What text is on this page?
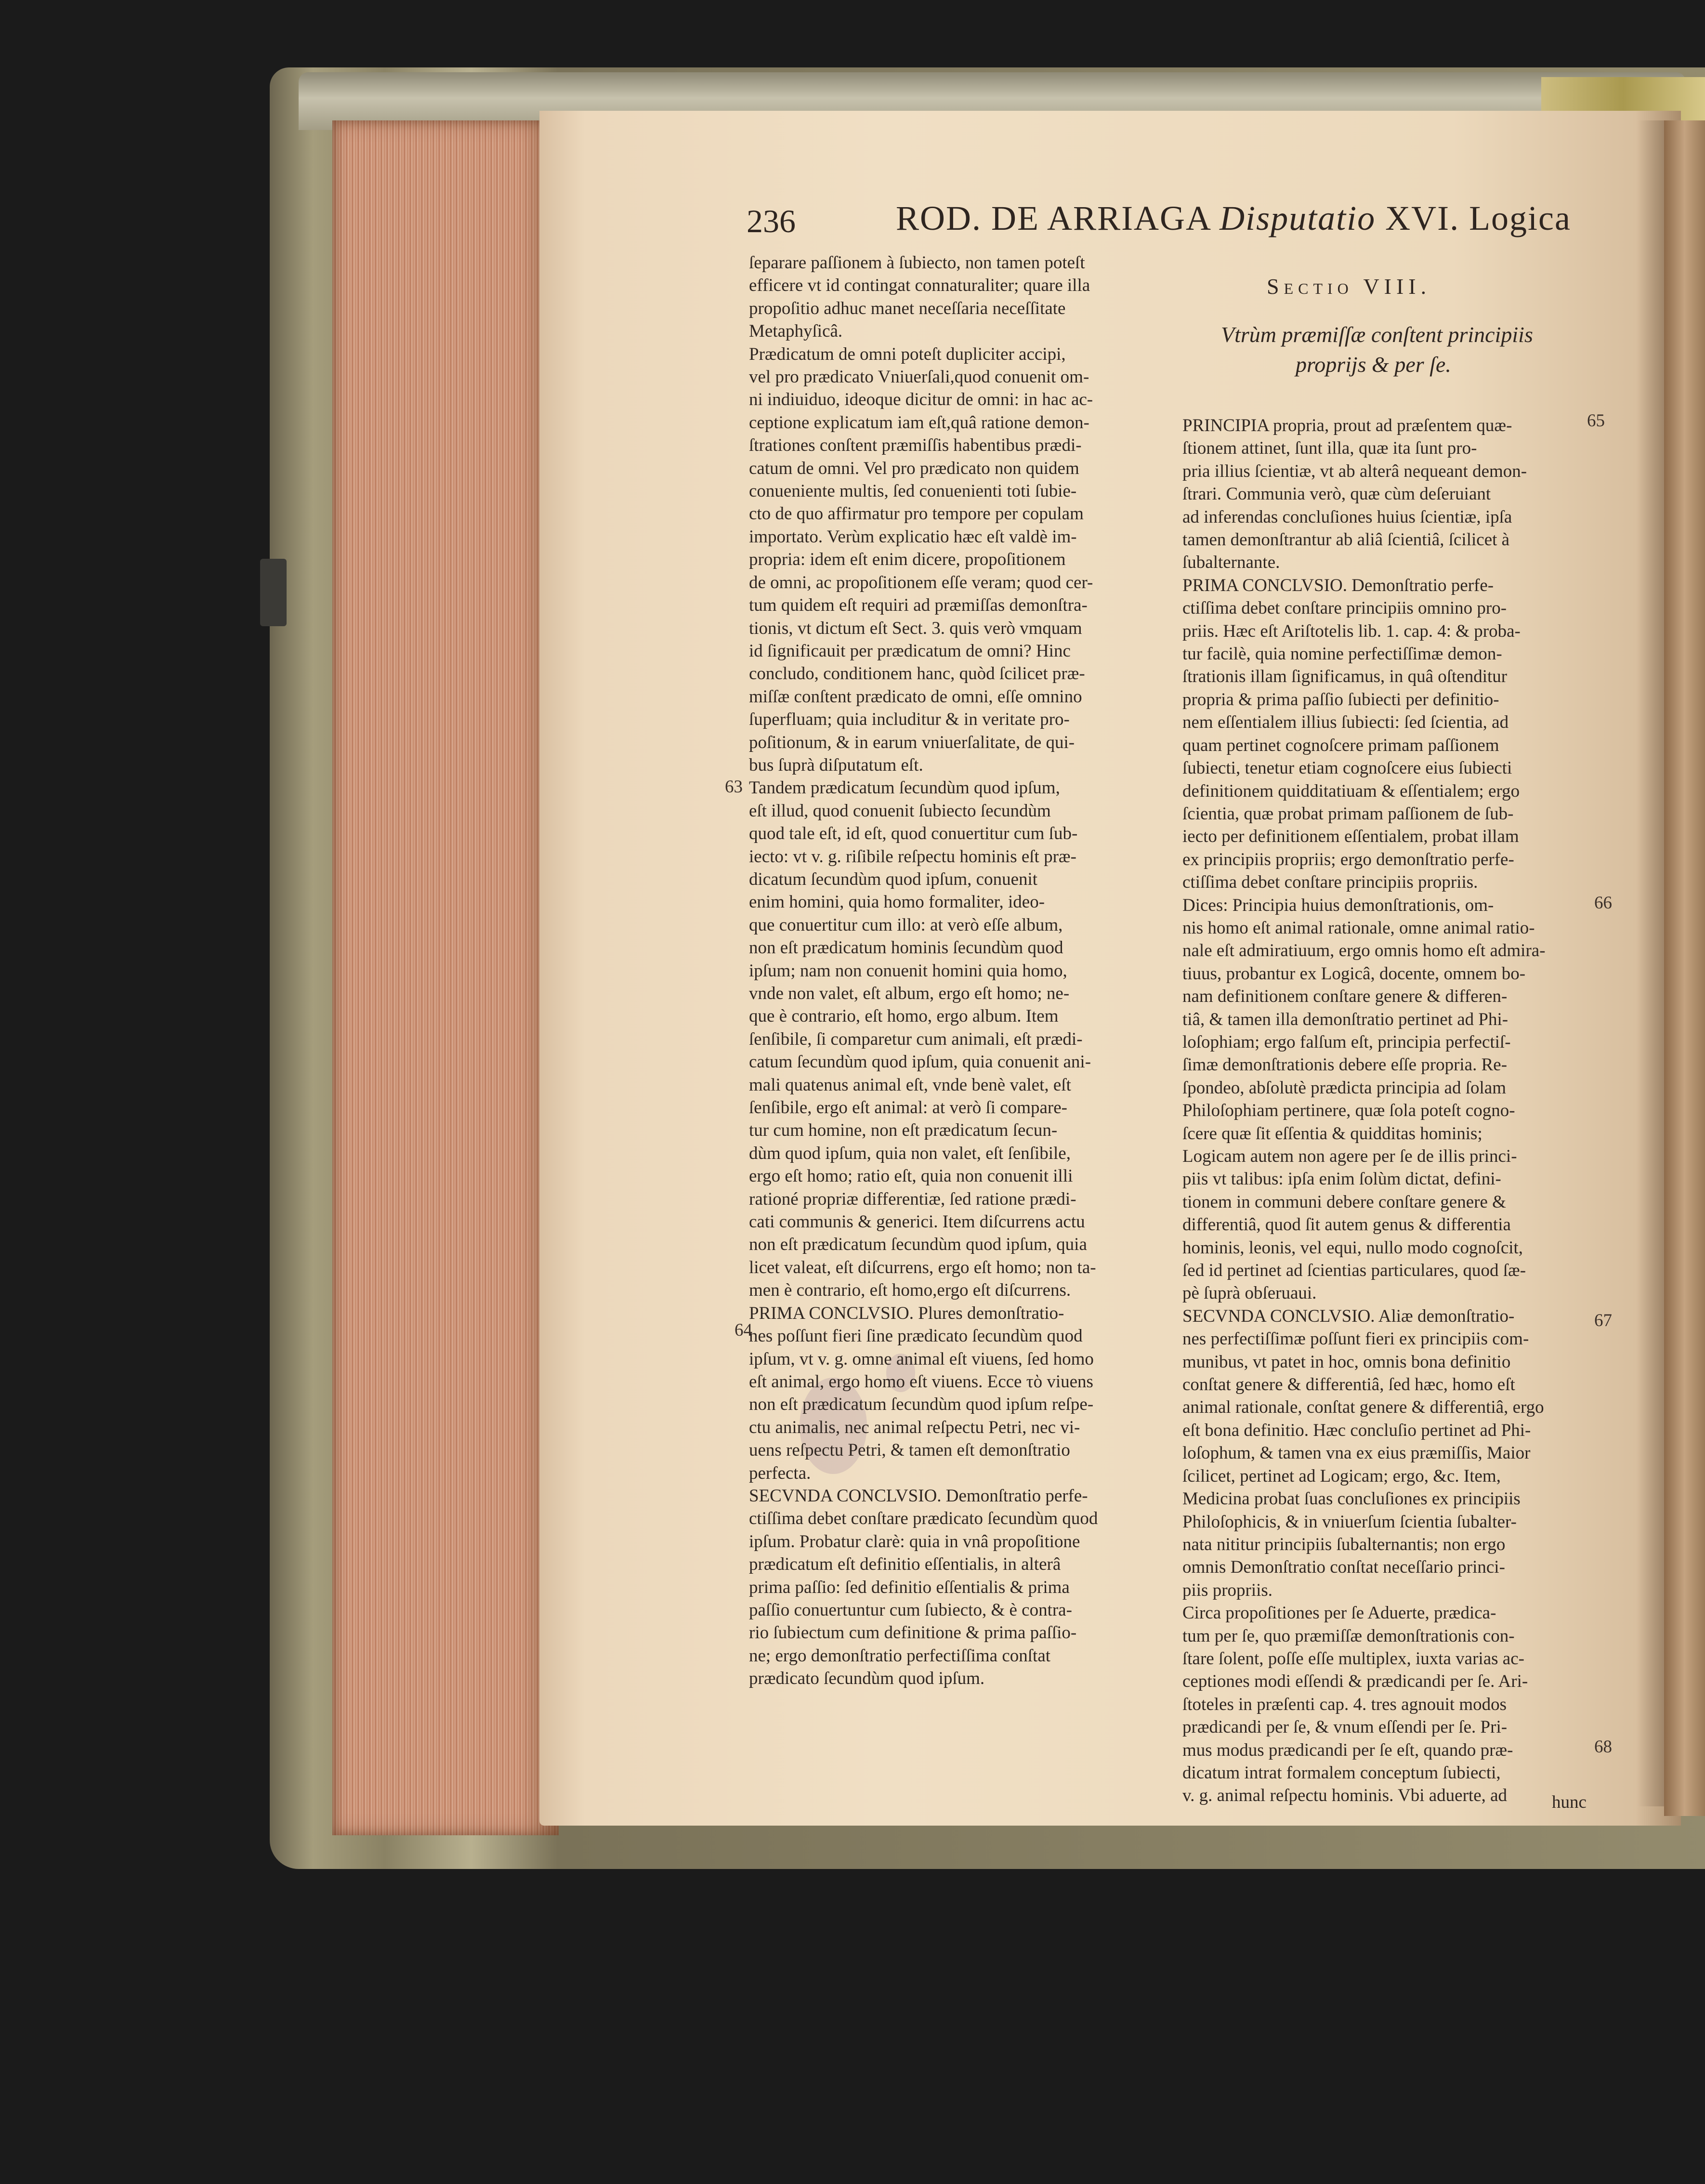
236	ROD. DE ARRIAGA Disputatio XVI. Logica

Sectio VIII.

Vtrùm præmiſſæ conſtent principiis

proprijs & per ſe.

ſeparare paſſionem à ſubiecto, non tamen poteſt
efficere vt id contingat connaturaliter; quare illa
propoſitio adhuc manet neceſſaria neceſſitate
Metaphyſicâ.
Prædicatum de omni poteſt dupliciter accipi,
vel pro prædicato Vniuerſali,quod conuenit om-
ni indiuiduo, ideoque dicitur de omni: in hac ac-
ceptione explicatum iam eſt,quâ ratione demon-
ſtrationes conſtent præmiſſis habentibus prædi-
catum de omni. Vel pro prædicato non quidem
conueniente multis, ſed conuenienti toti ſubie-
cto de quo affirmatur pro tempore per copulam
importato. Verùm explicatio hæc eſt valdè im-
propria: idem eſt enim dicere, propoſitionem
de omni, ac propoſitionem eſſe veram; quod cer-
tum quidem eſt requiri ad præmiſſas demonſtra-
tionis, vt dictum eſt Sect. 3. quis verò vmquam
id ſignificauit per prædicatum de omni? Hinc
concludo, conditionem hanc, quòd ſcilicet præ-
miſſæ conſtent prædicato de omni, eſſe omnino
ſuperfluam; quia includitur & in veritate pro-
poſitionum, & in earum vniuerſalitate, de qui-
bus ſuprà diſputatum eſt.
Tandem prædicatum ſecundùm quod ipſum,
eſt illud, quod conuenit ſubiecto ſecundùm
quod tale eſt, id eſt, quod conuertitur cum ſub-
iecto: vt v. g. riſibile reſpectu hominis eſt præ-
dicatum ſecundùm quod ipſum, conuenit
enim homini, quia homo formaliter, ideo-
que conuertitur cum illo: at verò eſſe album,
non eſt prædicatum hominis ſecundùm quod
ipſum; nam non conuenit homini quia homo,
vnde non valet, eſt album, ergo eſt homo; ne-
que è contrario, eſt homo, ergo album. Item
ſenſibile, ſi comparetur cum animali, eſt prædi-
catum ſecundùm quod ipſum, quia conuenit ani-
mali quatenus animal eſt, vnde benè valet, eſt
ſenſibile, ergo eſt animal: at verò ſi compare-
tur cum homine, non eſt prædicatum ſecun-
dùm quod ipſum, quia non valet, eſt ſenſibile,
ergo eſt homo; ratio eſt, quia non conuenit illi
rationé propriæ differentiæ, ſed ratione prædi-
cati communis & generici. Item diſcurrens actu
non eſt prædicatum ſecundùm quod ipſum, quia
licet valeat, eſt diſcurrens, ergo eſt homo; non ta-
men è contrario, eſt homo,ergo eſt diſcurrens.
PRIMA CONCLVSIO. Plures demonſtratio-
nes poſſunt fieri ſine prædicato ſecundùm quod
ipſum, vt v. g. omne animal eſt viuens, ſed homo
eſt animal, ergo homo eſt viuens. Ecce τὸ viuens
non eſt prædicatum ſecundùm quod ipſum reſpe-
ctu animalis, nec animal reſpectu Petri, nec vi-
uens reſpectu Petri, & tamen eſt demonſtratio
perfecta.
SECVNDA CONCLVSIO. Demonſtratio perfe-
ctiſſima debet conſtare prædicato ſecundùm quod
ipſum. Probatur clarè: quia in vnâ propoſitione
prædicatum eſt definitio eſſentialis, in alterâ
prima paſſio: ſed definitio eſſentialis & prima
paſſio conuertuntur cum ſubiecto, & è contra-
rio ſubiectum cum definitione & prima paſſio-
ne; ergo demonſtratio perfectiſſima conſtat
prædicato ſecundùm quod ipſum.
PRINCIPIA propria, prout ad præſentem quæ-
ſtionem attinet, ſunt illa, quæ ita ſunt pro-
pria illius ſcientiæ, vt ab alterâ nequeant demon-
ſtrari. Communia verò, quæ cùm deſeruiant
ad inferendas concluſiones huius ſcientiæ, ipſa
tamen demonſtrantur ab aliâ ſcientiâ, ſcilicet à
ſubalternante.
PRIMA CONCLVSIO. Demonſtratio perfe-
ctiſſima debet conſtare principiis omnino pro-
priis. Hæc eſt Ariſtotelis lib. 1. cap. 4: & proba-
tur facilè, quia nomine perfectiſſimæ demon-
ſtrationis illam ſignificamus, in quâ oſtenditur
propria & prima paſſio ſubiecti per definitio-
nem eſſentialem illius ſubiecti: ſed ſcientia, ad
quam pertinet cognoſcere primam paſſionem
ſubiecti, tenetur etiam cognoſcere eius ſubiecti
definitionem quidditatiuam & eſſentialem; ergo
ſcientia, quæ probat primam paſſionem de ſub-
iecto per definitionem eſſentialem, probat illam
ex principiis propriis; ergo demonſtratio perfe-
ctiſſima debet conſtare principiis propriis.
Dices: Principia huius demonſtrationis, om-
nis homo eſt animal rationale, omne animal ratio-
nale eſt admiratiuum, ergo omnis homo eſt admira-
tiuus, probantur ex Logicâ, docente, omnem bo-
nam definitionem conſtare genere & differen-
tiâ, & tamen illa demonſtratio pertinet ad Phi-
loſophiam; ergo falſum eſt, principia perfectiſ-
ſimæ demonſtrationis debere eſſe propria. Re-
ſpondeo, abſolutè prædicta principia ad ſolam
Philoſophiam pertinere, quæ ſola poteſt cogno-
ſcere quæ ſit eſſentia & quidditas hominis;
Logicam autem non agere per ſe de illis princi-
piis vt talibus: ipſa enim ſolùm dictat, defini-
tionem in communi debere conſtare genere &
differentiâ, quod ſit autem genus & differentia
hominis, leonis, vel equi, nullo modo cognoſcit,
ſed id pertinet ad ſcientias particulares, quod ſæ-
pè ſuprà obſeruaui.
SECVNDA CONCLVSIO. Aliæ demonſtratio-
nes perfectiſſimæ poſſunt fieri ex principiis com-
munibus, vt patet in hoc, omnis bona definitio
conſtat genere & differentiâ, ſed hæc, homo eſt
animal rationale, conſtat genere & differentiâ, ergo
eſt bona definitio. Hæc concluſio pertinet ad Phi-
loſophum, & tamen vna ex eius præmiſſis, Maior
ſcilicet, pertinet ad Logicam; ergo, &c. Item,
Medicina probat ſuas concluſiones ex principiis
Philoſophicis, & in vniuerſum ſcientia ſubalter-
nata nititur principiis ſubalternantis; non ergo
omnis Demonſtratio conſtat neceſſario princi-
piis propriis.
Circa propoſitiones per ſe Aduerte, prædica-
tum per ſe, quo præmiſſæ demonſtrationis con-
ſtare ſolent, poſſe eſſe multiplex, iuxta varias ac-
ceptiones modi eſſendi & prædicandi per ſe. Ari-
ſtoteles in præſenti cap. 4. tres agnouit modos
prædicandi per ſe, & vnum eſſendi per ſe. Pri-
mus modus prædicandi per ſe eſt, quando præ-
dicatum intrat formalem conceptum ſubiecti,
v. g. animal reſpectu hominis. Vbi aduerte, ad	hunc

63
64
65
66
67
68
